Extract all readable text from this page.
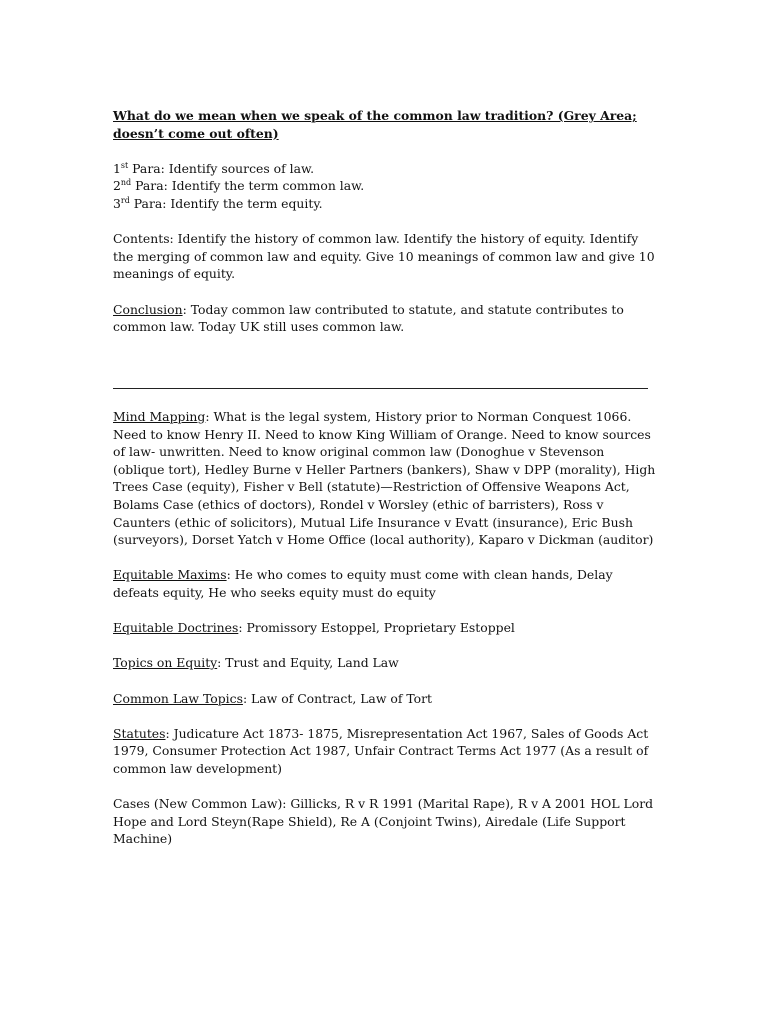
What do we mean when we speak of the common law tradition? (Grey Area; doesn’t come out often)

1st Para: Identify sources of law.
2nd Para: Identify the term common law.
3rd Para: Identify the term equity.
Contents: Identify the history of common law. Identify the history of equity. Identify the merging of common law and equity. Give 10 meanings of common law and give 10 meanings of equity.
Conclusion: Today common law contributed to statute, and statute contributes to common law. Today UK still uses common law.
Mind Mapping: What is the legal system, History prior to Norman Conquest 1066. Need to know Henry II. Need to know King William of Orange. Need to know sources of law- unwritten. Need to know original common law (Donoghue v Stevenson (oblique tort), Hedley Burne v Heller Partners (bankers), Shaw v DPP (morality), High Trees Case (equity), Fisher v Bell (statute)—Restriction of Offensive Weapons Act, Bolams Case (ethics of doctors), Rondel v Worsley (ethic of barristers), Ross v Caunters (ethic of solicitors), Mutual Life Insurance v Evatt (insurance), Eric Bush (surveyors), Dorset Yatch v Home Office (local authority), Kaparo v Dickman (auditor)
Equitable Maxims: He who comes to equity must come with clean hands, Delay defeats equity, He who seeks equity must do equity
Equitable Doctrines: Promissory Estoppel, Proprietary Estoppel
Topics on Equity: Trust and Equity, Land Law
Common Law Topics: Law of Contract, Law of Tort
Statutes: Judicature Act 1873- 1875, Misrepresentation Act 1967, Sales of Goods Act 1979, Consumer Protection Act 1987, Unfair Contract Terms Act 1977 (As a result of common law development)
Cases (New Common Law): Gillicks, R v R 1991 (Marital Rape), R v A 2001 HOL Lord Hope and Lord Steyn(Rape Shield), Re A (Conjoint Twins), Airedale (Life Support Machine)
